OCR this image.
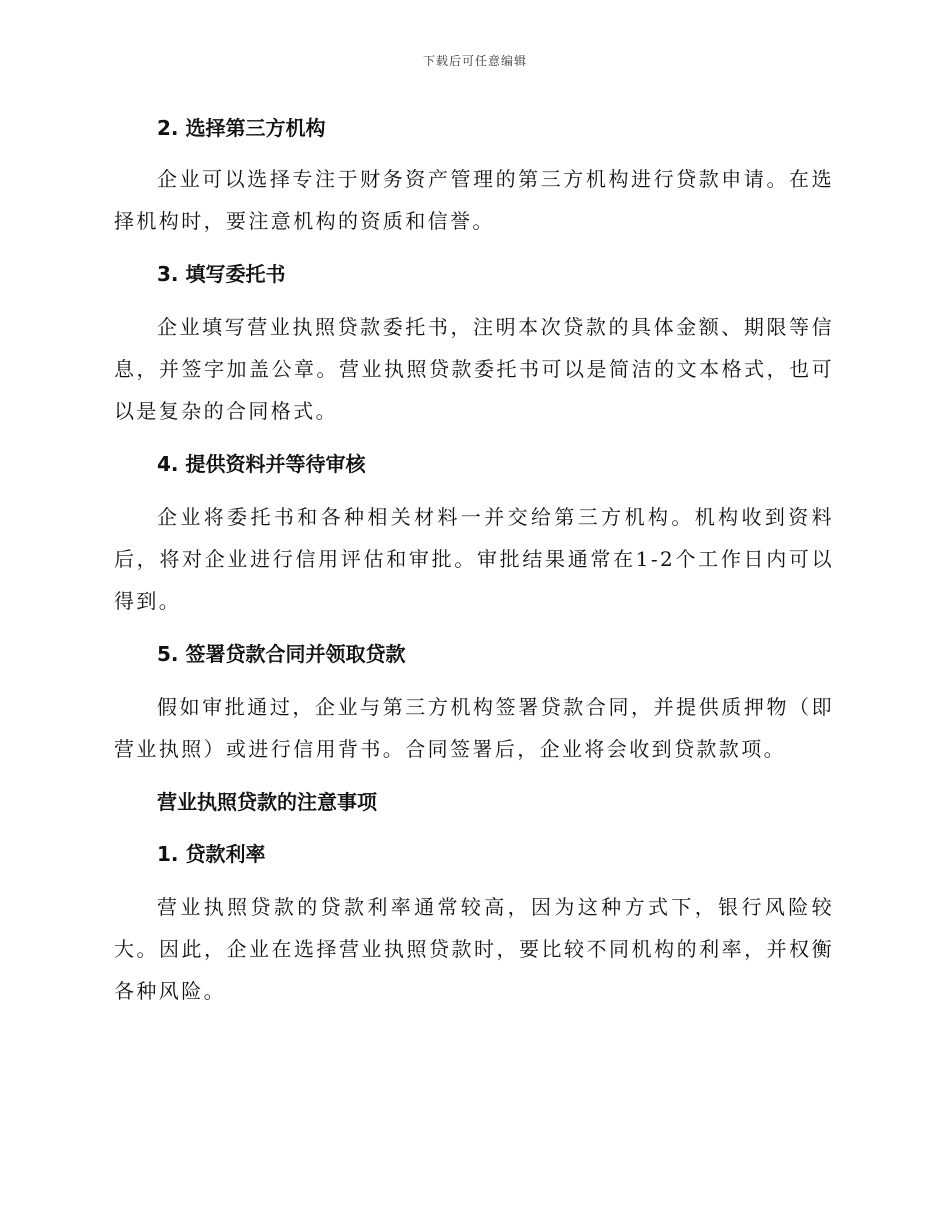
下载后可任意编辑
2. 选择第三方机构

企业可以选择专注于财务资产管理的第三方机构进行贷款申请。在选择机构时，要注意机构的资质和信誉。

3. 填写委托书

企业填写营业执照贷款委托书，注明本次贷款的具体金额、期限等信息，并签字加盖公章。营业执照贷款委托书可以是简洁的文本格式，也可以是复杂的合同格式。

4. 提供资料并等待审核

企业将委托书和各种相关材料一并交给第三方机构。机构收到资料后，将对企业进行信用评估和审批。审批结果通常在1-2个工作日内可以得到。

5. 签署贷款合同并领取贷款

假如审批通过，企业与第三方机构签署贷款合同，并提供质押物（即营业执照）或进行信用背书。合同签署后，企业将会收到贷款款项。

营业执照贷款的注意事项
1. 贷款利率

营业执照贷款的贷款利率通常较高，因为这种方式下，银行风险较大。因此，企业在选择营业执照贷款时，要比较不同机构的利率，并权衡各种风险。
